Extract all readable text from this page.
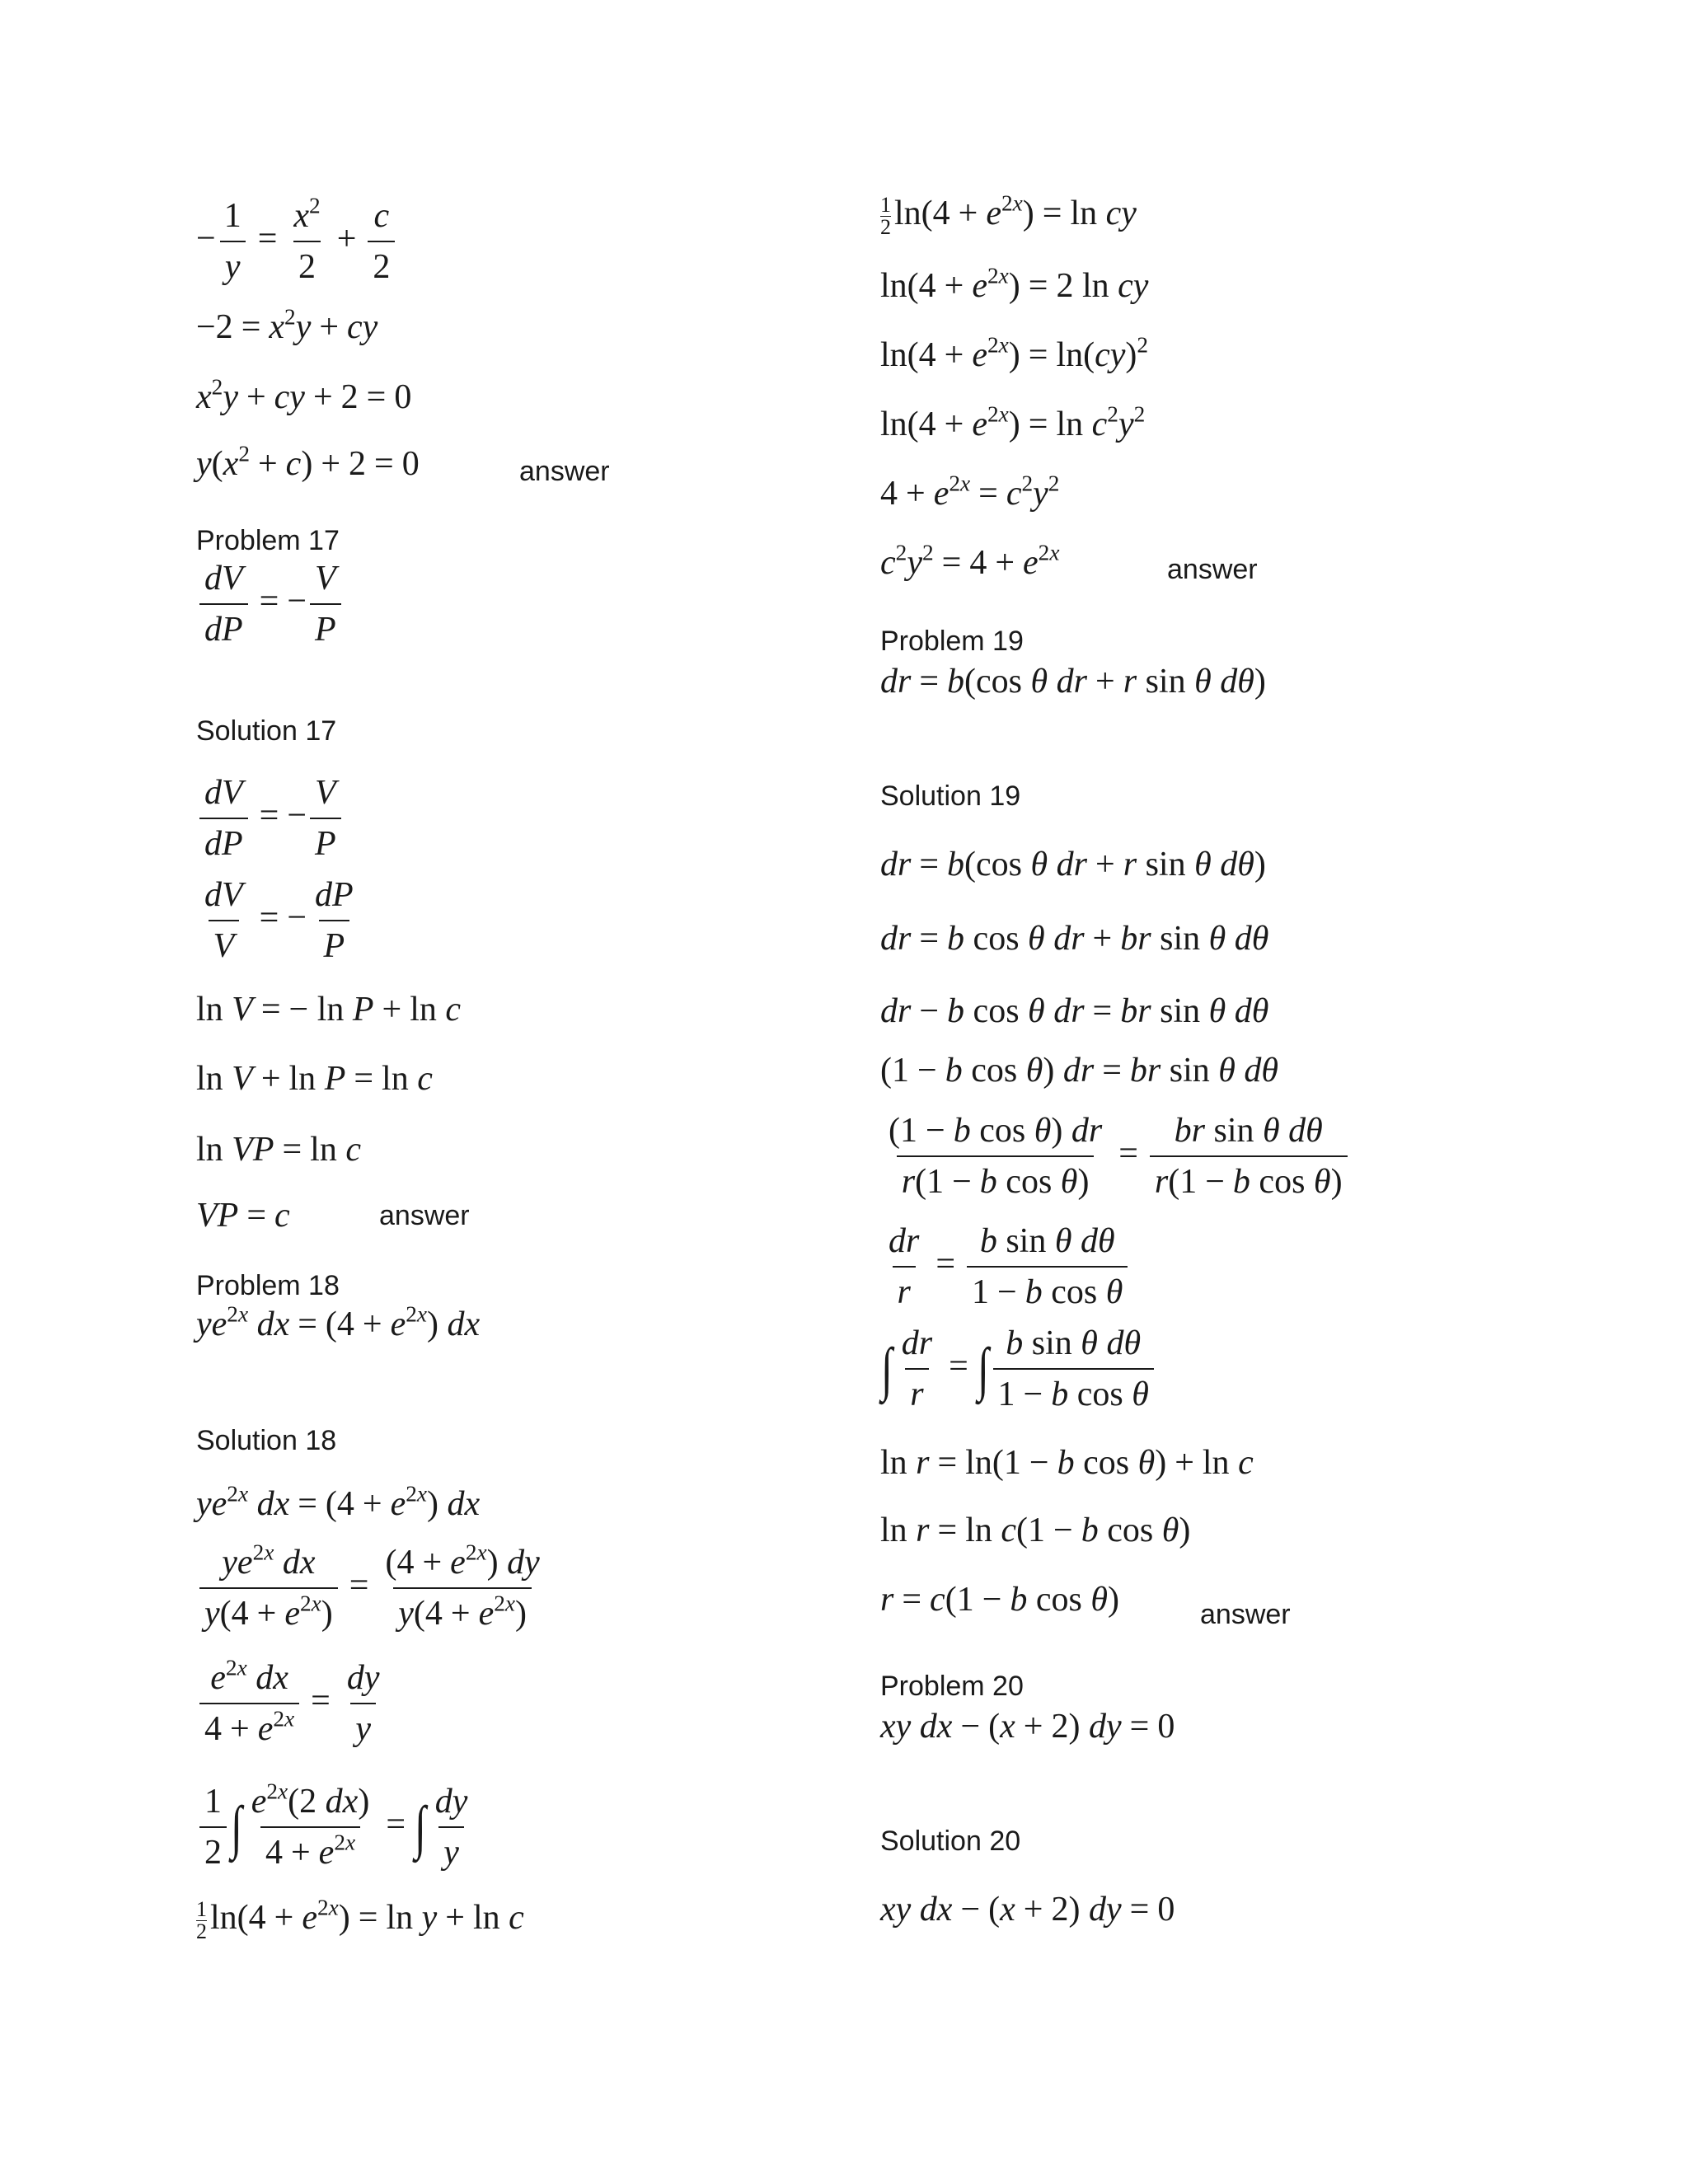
− $\frac{1}{y} = \frac{x^2}{2} + \frac{c}{2}$
$-2 = x^2y$ + cy
$x^2y$ + cy + 2 = 0
$y(x^2 + c) + 2 = 0$	answer
Problem 17
$\frac{dV}{dP}$ = − $\frac{V}{P}$
Solution 17
$\frac{dV}{dP}$ = − $\frac{V}{P}$
$\frac{dV}{V}$ = − $\frac{dP}{P}$
ln V = − ln P + ln c
ln V + ln P = ln c
ln VP = ln c
VP = c	answer
Problem 18
$ye^{2x}$ dx = $(4 + e^{2x})$ dx
Solution 18
$ye^{2x}$ dx = $(4 + e^{2x})$ dx
$\frac{ye^{2x} dx}{y(4 + e^{2x})} = \frac{(4 + e^{2x}) dy}{y(4 + e^{2x})}$
$\frac{e^{2x} dx}{4 + e^{2x}} = \frac{dy}{y}$
$\frac{1}{2}$ ∫ $\frac{e^{2x}(2 dx)}{4 + e^{2x}}$ = ∫ $\frac{dy}{y}$
$\frac{1}{2} \ln(4 + e^{2x}) = \ln y + \ln c$
$\frac{1}{2} \ln(4 + e^{2x}) = \ln$ cy
$\ln(4 + e^{2x}) = 2$ ln cy
$\ln(4 + e^{2x}) = \ln(cy)^2$
$\ln(4 + e^{2x}) = \ln c^2y^2$
$4 + e^{2x} = c^2y^2$
$c^2y^2 = 4 + e^{2x}$
answer
Problem 19
dr = b(cos θ dr + r sin θ dθ)
Solution 19
dr = b(cos θ dr + r sin θ dθ)
dr = b cos θ dr + br sin θ dθ
dr − b cos θ dr = br sin θ dθ
(1 − b cos θ) dr = br sin θ dθ
$\frac{\text{(1 − b cos θ) dr}}{\text{r(1 − b cos θ)}} = \frac{\text{br sin θ dθ}}{\text{r(1 − b cos θ)}}$
$\frac{dr}{r} = \frac{\text{b sin θ dθ}}{\text{1 − b cos θ}}$
∫ $\frac{dr}{r}$ = ∫ $\frac{\text{b sin θ dθ}}{\text{1 − b cos θ}}$
ln r = ln(1 − b cos θ) + ln c
ln r = ln c(1 − b cos θ)
r = c(1 − b cos θ)	answer
Problem 20
xy dx − (x + 2) dy = 0
Solution 20
xy dx − (x + 2) dy = 0
